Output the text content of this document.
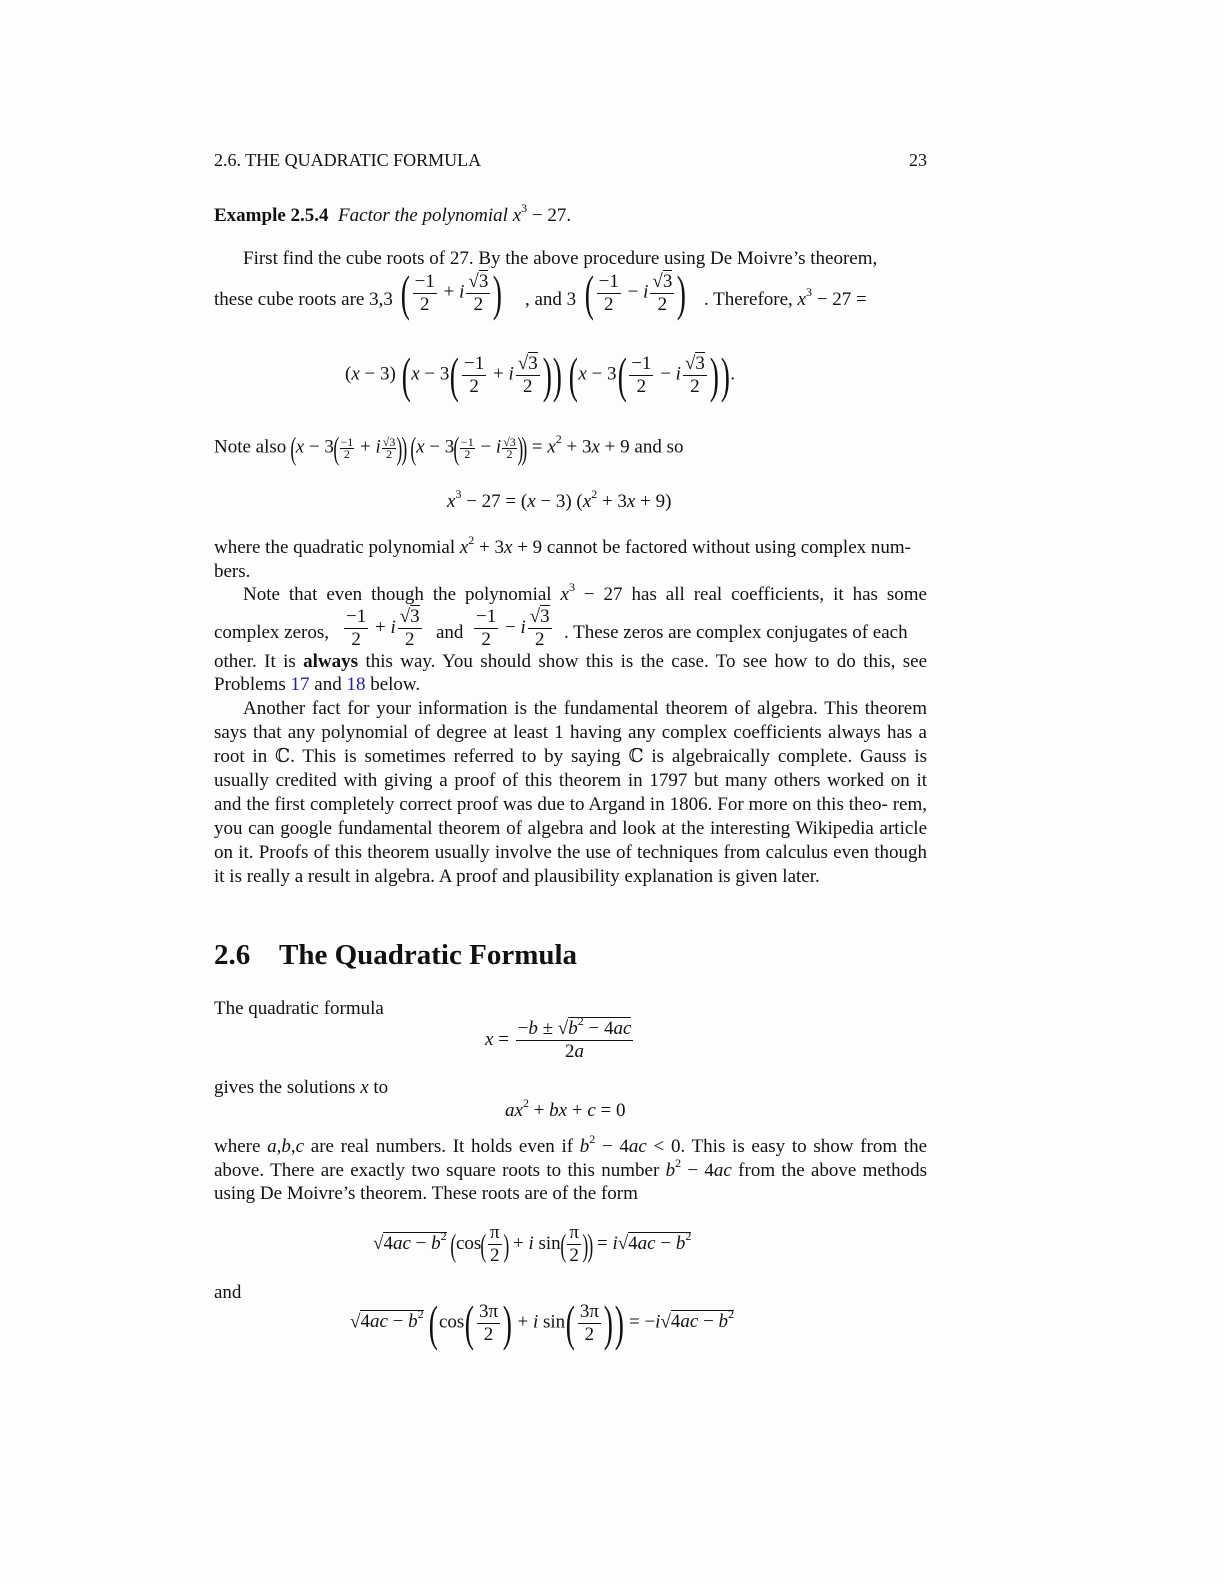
2.6. THE QUADRATIC FORMULA	23
Example 2.5.4 Factor the polynomial $x^3 - 27$.
First find the cube roots of 27. By the above procedure using De Moivre’s theorem,
these cube roots are 3,3 ( $\frac{-1}{2} + i \frac{√3}{2}$ ) , and 3 ( $\frac{-1}{2} - i \frac{√3}{2}$ ) . Therefore, $x^3 - 27$ =
(x − 3) ($x - 3( \frac{-1}{2} + i \frac{√3}{2}$ )) ($x - 3( \frac{-1}{2} - i \frac{√3}{2}$ )).
Note also ($x - 3( \frac{-1}{2} + i \frac{√3}{2}$ )) ($x - 3( \frac{-1}{2} - i \frac{√3}{2}$ )) = $x^2 + 3x + 9$ and so
$x^3 - 27 = (x - 3) (x^2 + 3x + 9)$
where the quadratic polynomial $x^2 + 3x + 9$ cannot be factored without using complex num-
bers.
Note that even though the polynomial $x^3 - 27$ has all real coefficients, it has some
complex zeros, $\frac{-1}{2} + i \frac{√3}{2}$ and $\frac{-1}{2} - i \frac{√3}{2}$ . These zeros are complex conjugates of each
other. It is always this way. You should show this is the case. To see how to do this, see
Problems 17 and 18 below.
Another fact for your information is the fundamental theorem of algebra. This theorem says that any polynomial of degree at least 1 having any complex coefficients always has a root in ℂ. This is sometimes referred to by saying ℂ is algebraically complete. Gauss is usually credited with giving a proof of this theorem in 1797 but many others worked on it and the first completely correct proof was due to Argand in 1806. For more on this theo- rem, you can google fundamental theorem of algebra and look at the interesting Wikipedia article on it. Proofs of this theorem usually involve the use of techniques from calculus even though it is really a result in algebra. A proof and plausibility explanation is given later.
2.6 The Quadratic Formula
The quadratic formula
$x = \frac{-b \pm √b^2 - 4ac}{2a}$
gives the solutions x to
$ax^2$ + bx + c = 0
where a,b,c are real numbers. It holds even if $b^2 - 4ac < 0$. This is easy to show from the
above. There are exactly two square roots to this number $b^2 - 4ac$ from the above methods
using De Moivre’s theorem. These roots are of the form
$√4ac - b^2$ ($\cos( \frac{\pi}{2}$ ) + i $\sin( \frac{\pi}{2}$ )) = $i√4ac - b^2$
and
$√4ac - b^2$ ($\cos( \frac{3\pi}{2}$ ) + i $\sin( \frac{3\pi}{2}$ )) = $-i√4ac - b^2$
